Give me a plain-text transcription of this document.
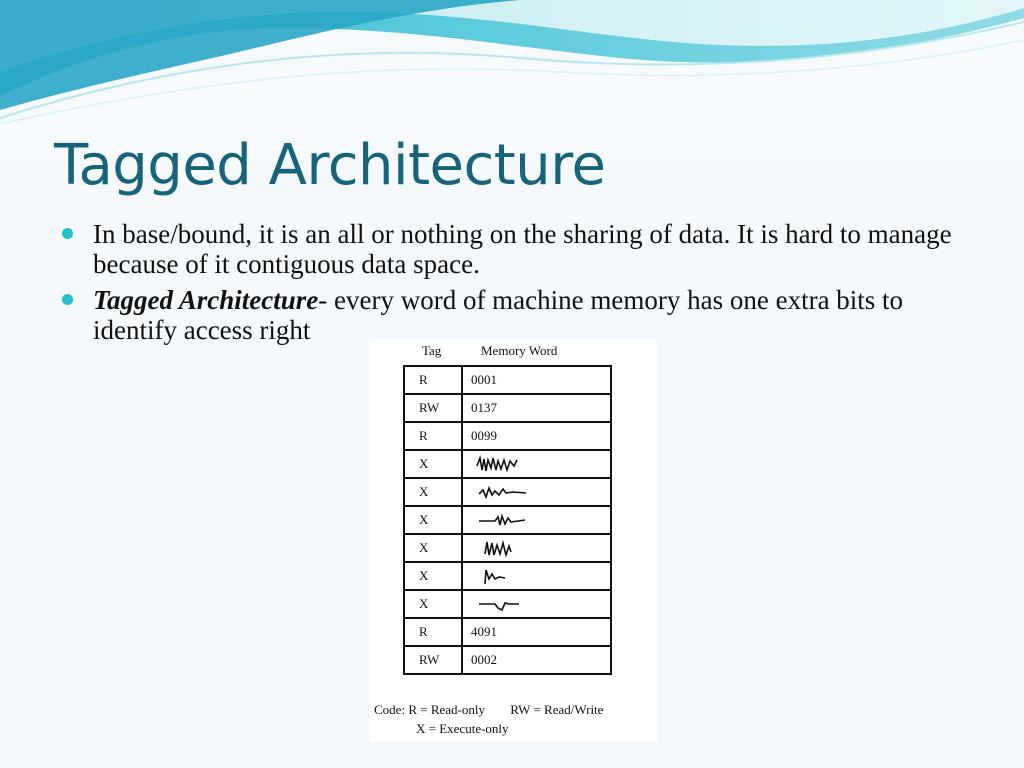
Tagged Architecture
In base/bound, it is an all or nothing on the sharing of data. It is hard to manage because of it contiguous data space.
Tagged Architecture- every word of machine memory has one extra bits to identify access right
Tag	Memory Word
R	0001
RW	0137
R	0099
X	

X	

X	

X	

X	

X	

R	4091
RW	0002
Code: R = Read-only RW = Read/Write
X = Execute-only
